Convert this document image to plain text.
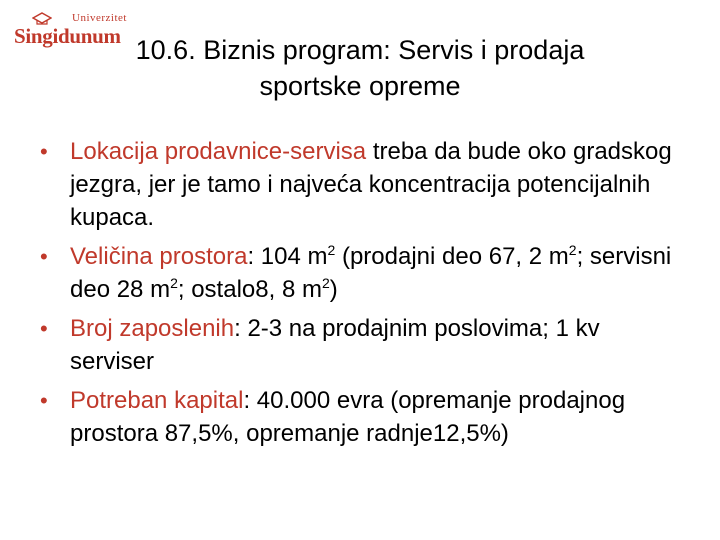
Univerzitet
Singidunum 10.6. Biznis program: Servis i prodaja
sportske opreme
• Lokacija prodavnice-servisa treba da bude oko gradskog jezgra, jer je tamo i najveća koncentracija potencijalnih kupaca.
• Veličina prostora: 104 $m^2$ (prodajni deo 67, 2 $m^2$; servisni deo 28 $m^2$; ostalo8, 8 $m^2$)
• Broj zaposlenih: 2-3 na prodajnim poslovima; 1 kv serviser
• Potreban kapital: 40.000 evra (opremanje prodajnog prostora 87,5%, opremanje radnje12,5%)
